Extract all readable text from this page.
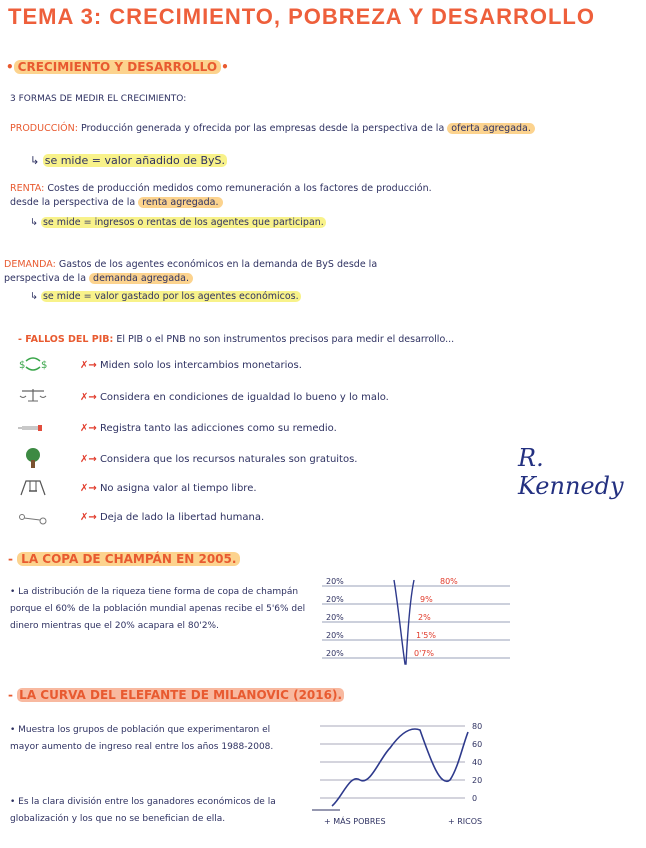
TEMA 3: CRECIMIENTO, POBREZA Y DESARROLLO
• CRECIMIENTO Y DESARROLLO •
3 FORMAS DE MEDIR EL CRECIMIENTO:
PRODUCCIÓN: Producción generada y ofrecida por las empresas desde la perspectiva de la oferta agregada.
↳ se mide = valor añadido de ByS.
RENTA: Costes de producción medidos como remuneración a los factores de producción.
desde la perspectiva de la renta agregada.
↳ se mide = ingresos o rentas de los agentes que participan.
DEMANDA: Gastos de los agentes económicos en la demanda de ByS desde la
perspectiva de la demanda agregada.
↳ se mide = valor gastado por los agentes económicos.
- FALLOS DEL PIB: El PIB o el PNB no son instrumentos precisos para medir el desarrollo...
$ $	✗→ Miden solo los intercambios monetarios.
✗→ Considera en condiciones de igualdad lo bueno y lo malo.
✗→ Registra tanto las adicciones como su remedio.
✗→ Considera que los recursos naturales son gratuitos.
✗→ No asigna valor al tiempo libre.
✗→ Deja de lado la libertad humana.
R. Kennedy
- LA COPA DE CHAMPÁN EN 2005.
• La distribución de la riqueza tiene forma de copa de champán porque el 60% de la población mundial apenas recibe el 5'6% del dinero mientras que el 20% acapara el 80'2%.
20%
20%
20%
20%
20%
80%
9%
2%
1'5%
0'7%
- LA CURVA DEL ELEFANTE DE MILANOVIC (2016).
• Muestra los grupos de población que experimentaron el mayor aumento de ingreso real entre los años 1988-2008.
• Es la clara división entre los ganadores económicos de la globalización y los que no se benefician de ella.
80
60
40
20
0
+ MÁS POBRES	+ RICOS
